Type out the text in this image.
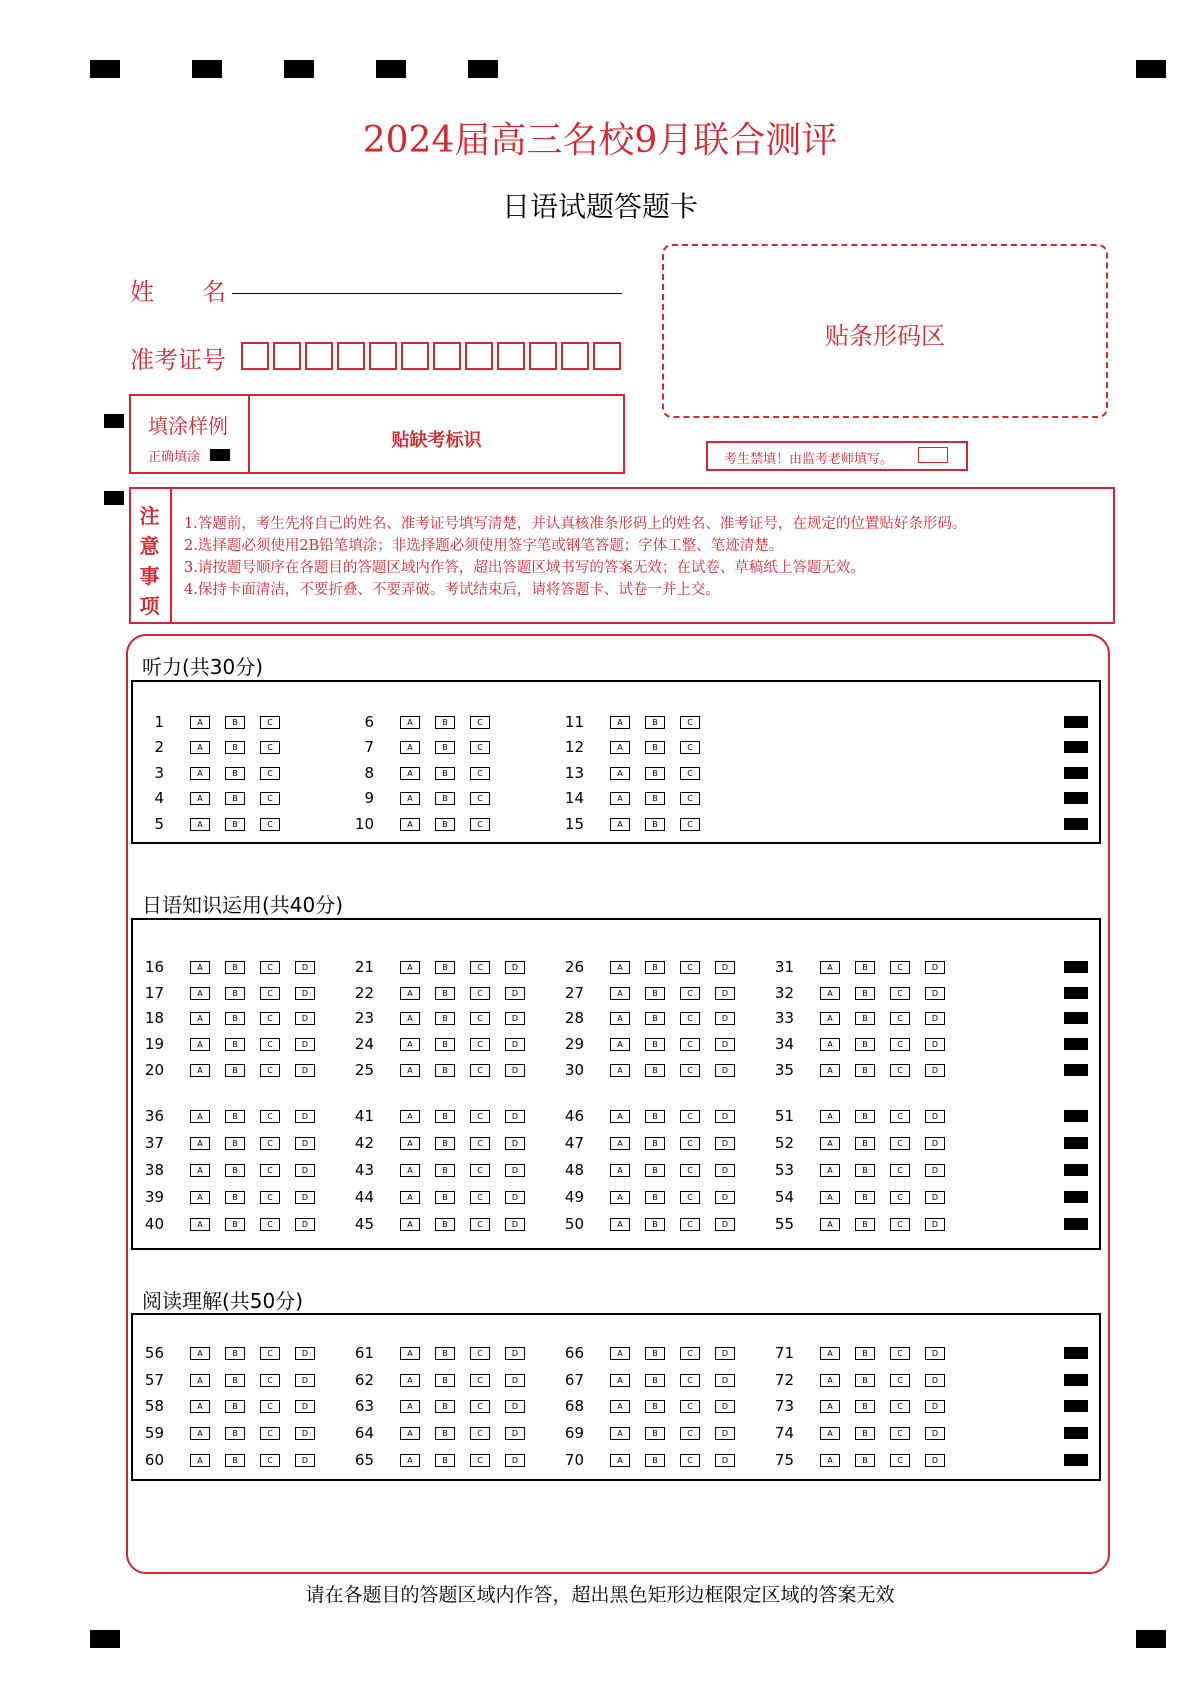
2024届高三名校9月联合测评
日语试题答题卡
姓　　名
准考证号
贴条形码区
填涂样例
正确填涂
贴缺考标识
考生禁填！由监考老师填写。
注
意
事
项
1.答题前，考生先将自己的姓名、准考证号填写清楚，并认真核准条形码上的姓名、准考证号，在规定的位置贴好条形码。
2.选择题必须使用2B铅笔填涂；非选择题必须使用签字笔或钢笔答题；字体工整、笔迹清楚。
3.请按题号顺序在各题目的答题区域内作答，超出答题区域书写的答案无效；在试卷、草稿纸上答题无效。
4.保持卡面清洁，不要折叠、不要弄破。考试结束后，请将答题卡、试卷一并上交。
听力(共30分)
日语知识运用(共40分)
阅读理解(共50分)
1	A	B	C
2	A	B	C
3	A	B	C
4	A	B	C
5	A	B	C
6	A	B	C
7	A	B	C
8	A	B	C
9	A	B	C
10	A	B	C
11	A	B	C
12	A	B	C
13	A	B	C
14	A	B	C
15	A	B	C
16	A	B	C	D
17	A	B	C	D
18	A	B	C	D
19	A	B	C	D
20	A	B	C	D
21	A	B	C	D
22	A	B	C	D
23	A	B	C	D
24	A	B	C	D
25	A	B	C	D
26	A	B	C	D
27	A	B	C	D
28	A	B	C	D
29	A	B	C	D
30	A	B	C	D
31	A	B	C	D
32	A	B	C	D
33	A	B	C	D
34	A	B	C	D
35	A	B	C	D
36	A	B	C	D
37	A	B	C	D
38	A	B	C	D
39	A	B	C	D
40	A	B	C	D
41	A	B	C	D
42	A	B	C	D
43	A	B	C	D
44	A	B	C	D
45	A	B	C	D
46	A	B	C	D
47	A	B	C	D
48	A	B	C	D
49	A	B	C	D
50	A	B	C	D
51	A	B	C	D
52	A	B	C	D
53	A	B	C	D
54	A	B	C	D
55	A	B	C	D
56	A	B	C	D
57	A	B	C	D
58	A	B	C	D
59	A	B	C	D
60	A	B	C	D
61	A	B	C	D
62	A	B	C	D
63	A	B	C	D
64	A	B	C	D
65	A	B	C	D
66	A	B	C	D
67	A	B	C	D
68	A	B	C	D
69	A	B	C	D
70	A	B	C	D
71	A	B	C	D
72	A	B	C	D
73	A	B	C	D
74	A	B	C	D
75	A	B	C	D
请在各题目的答题区域内作答，超出黑色矩形边框限定区域的答案无效
